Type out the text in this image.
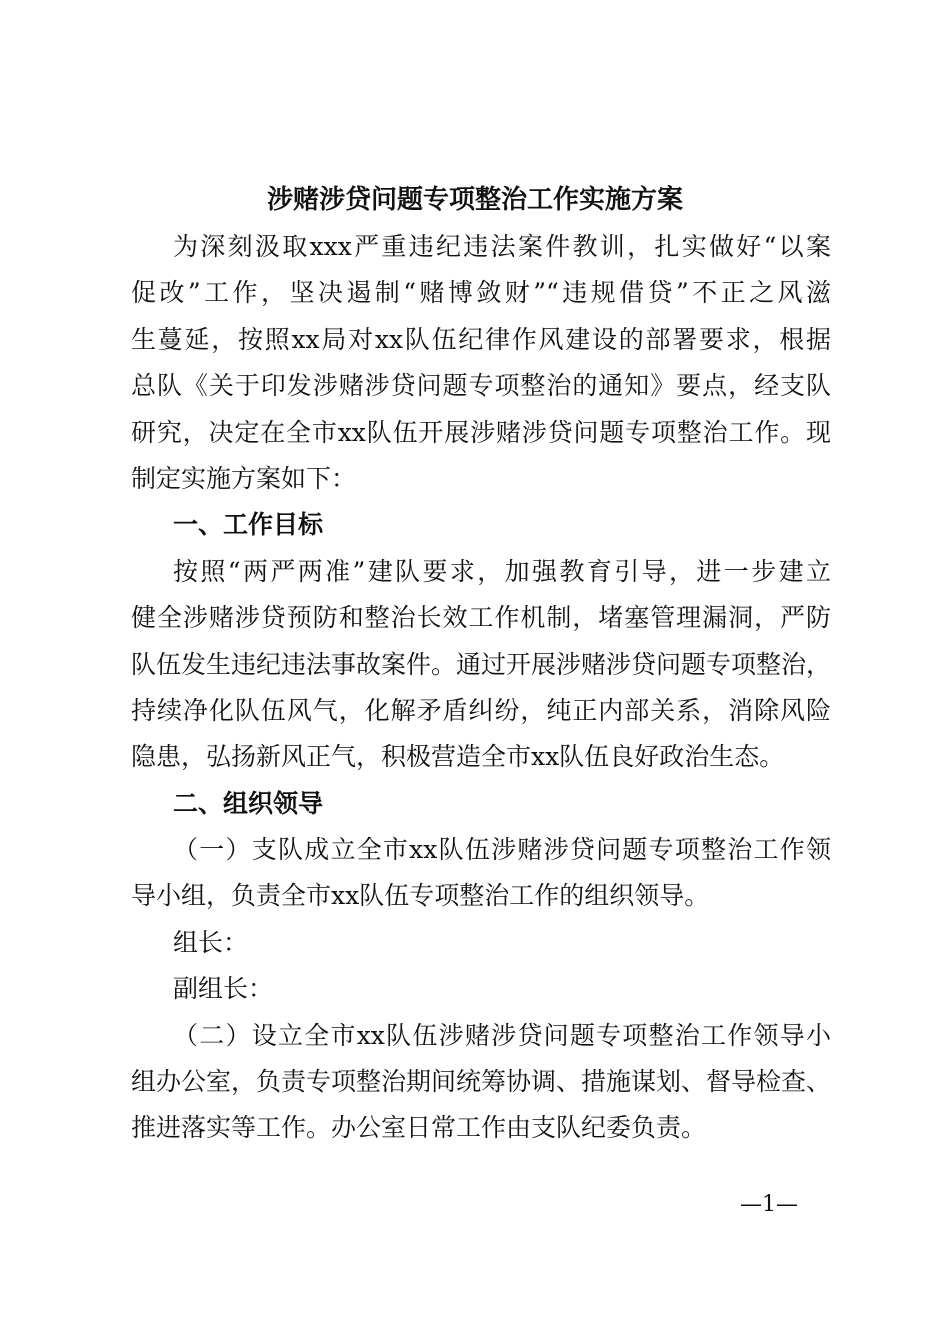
涉赌涉贷问题专项整治工作实施方案
为深刻汲取xxx严重违纪违法案件教训，扎实做好“以案
促改”工作，坚决遏制“赌博敛财”“违规借贷”不正之风滋
生蔓延，按照xx局对xx队伍纪律作风建设的部署要求，根据
总队《关于印发涉赌涉贷问题专项整治的通知》要点，经支队
研究，决定在全市xx队伍开展涉赌涉贷问题专项整治工作。现
制定实施方案如下：
一、工作目标
按照“两严两准”建队要求，加强教育引导，进一步建立
健全涉赌涉贷预防和整治长效工作机制，堵塞管理漏洞，严防
队伍发生违纪违法事故案件。通过开展涉赌涉贷问题专项整治，
持续净化队伍风气，化解矛盾纠纷，纯正内部关系，消除风险
隐患，弘扬新风正气，积极营造全市xx队伍良好政治生态。
二、组织领导
（一）支队成立全市xx队伍涉赌涉贷问题专项整治工作领
导小组，负责全市xx队伍专项整治工作的组织领导。
组长：
副组长：
（二）设立全市xx队伍涉赌涉贷问题专项整治工作领导小
组办公室，负责专项整治期间统筹协调、措施谋划、督导检查、
推进落实等工作。办公室日常工作由支队纪委负责。
—1—
